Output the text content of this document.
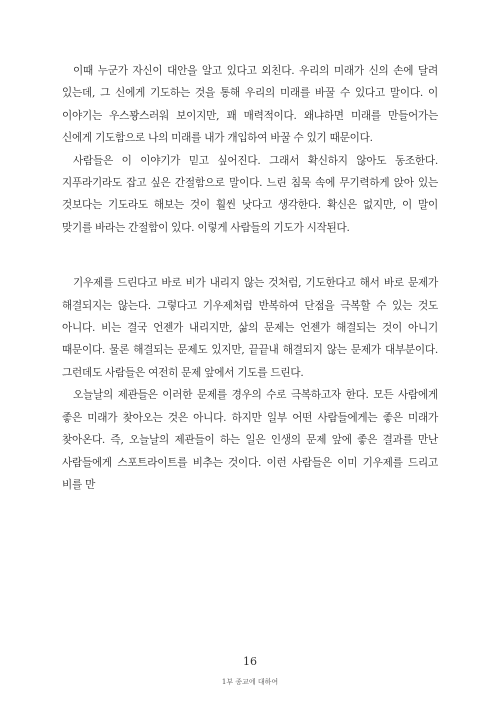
이때 누군가 자신이 대안을 알고 있다고 외친다. 우리의 미래가 신의 손에 달려 있는데, 그 신에게 기도하는 것을 통해 우리의 미래를 바꿀 수 있다고 말이다. 이 이야기는 우스꽝스러워 보이지만, 꽤 매력적이다. 왜냐하면 미래를 만들어가는 신에게 기도함으로 나의 미래를 내가 개입하여 바꿀 수 있기 때문이다.

사람들은 이 이야기가 믿고 싶어진다. 그래서 확신하지 않아도 동조한다. 지푸라기라도 잡고 싶은 간절함으로 말이다. 느린 침묵 속에 무기력하게 앉아 있는 것보다는 기도라도 해보는 것이 훨씬 낫다고 생각한다. 확신은 없지만, 이 말이 맞기를 바라는 간절함이 있다. 이렇게 사람들의 기도가 시작된다.

기우제를 드린다고 바로 비가 내리지 않는 것처럼, 기도한다고 해서 바로 문제가 해결되지는 않는다. 그렇다고 기우제처럼 반복하여 단점을 극복할 수 있는 것도 아니다. 비는 결국 언젠가 내리지만, 삶의 문제는 언젠가 해결되는 것이 아니기 때문이다. 물론 해결되는 문제도 있지만, 끝끝내 해결되지 않는 문제가 대부분이다. 그런데도 사람들은 여전히 문제 앞에서 기도를 드린다.

오늘날의 제관들은 이러한 문제를 경우의 수로 극복하고자 한다. 모든 사람에게 좋은 미래가 찾아오는 것은 아니다. 하지만 일부 어떤 사람들에게는 좋은 미래가 찾아온다. 즉, 오늘날의 제관들이 하는 일은 인생의 문제 앞에 좋은 결과를 만난 사람들에게 스포트라이트를 비추는 것이다. 이런 사람들은 이미 기우제를 드리고 비를 만

16
1부 종교에 대하여
